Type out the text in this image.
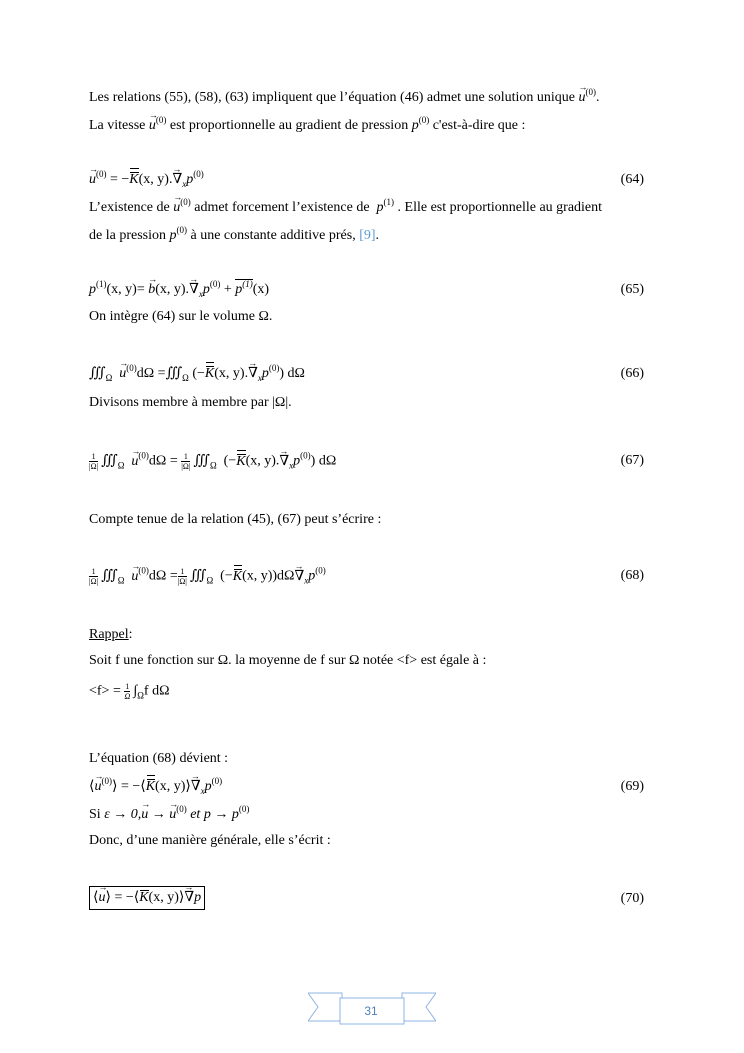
Les relations (55), (58), (63) impliquent que l’équation (46) admet une solution unique → $u^{(0)}$.
La vitesse → $u^{(0)}$ est proportionnelle au gradient de pression $p^{(0)}$ c'est-à-dire que :
→ $u^{(0)} = -K(x$, $y).\to \nabla_xp^{(0)}$	(64)
L’existence de → $u^{(0)}$ admet forcement l’existence de $p^{(1)}$ . Elle est proportionnelle au gradient
de la pression $p^{(0)}$ à une constante additive prés, [9].
$p^{(1)}(x$, y)= → b(x, $y).\to \nabla_xp^{(0)} + p^{(1)}(x)$	(65)
On intègre (64) sur le volume Ω.
$∭_\Omega \to u^{(0)}d\Omega$ $=∭_\Omega$ (−K(x, $y).\to \nabla_xp^{(0)}$) dΩ	(66)
Divisons membre à membre par |Ω|.
$\frac{1}{|\Omega|}$ $∭_\Omega \to u^{(0)}d\Omega = \frac{1}{|\Omega|}$ $∭_\Omega$  (−K(x, $y).\to \nabla_xp^{(0)}$) dΩ	(67)
Compte tenue de la relation (45), (67) peut s’écrire :
$\frac{1}{|\Omega|}$ $∭_\Omega \to u^{(0)}d\Omega = \frac{1}{|\Omega|}$ $∭_\Omega$  (−K(x, $y))d\Omega\to \nabla_xp^{(0)}$	(68)
Rappel:
Soit f une fonction sur Ω. la moyenne de f sur Ω notée <f> est égale à :
$<f> = \frac{1}{\Omega} \int_\Omega f$ dΩ
L’équation (68) dévient :
⟨→ $u^{(0)}⟩$ = −⟨K(x, y)⟩→ $\nabla_xp^{(0)}$	(69)
Si ε → 0,→ u → → $u^{(0)}$ et $p \to p^{(0)}$
Donc, d’une manière générale, elle s’écrit :
⟨→ u⟩ = −⟨K(x, y)⟩→ ∇p	(70)
31
